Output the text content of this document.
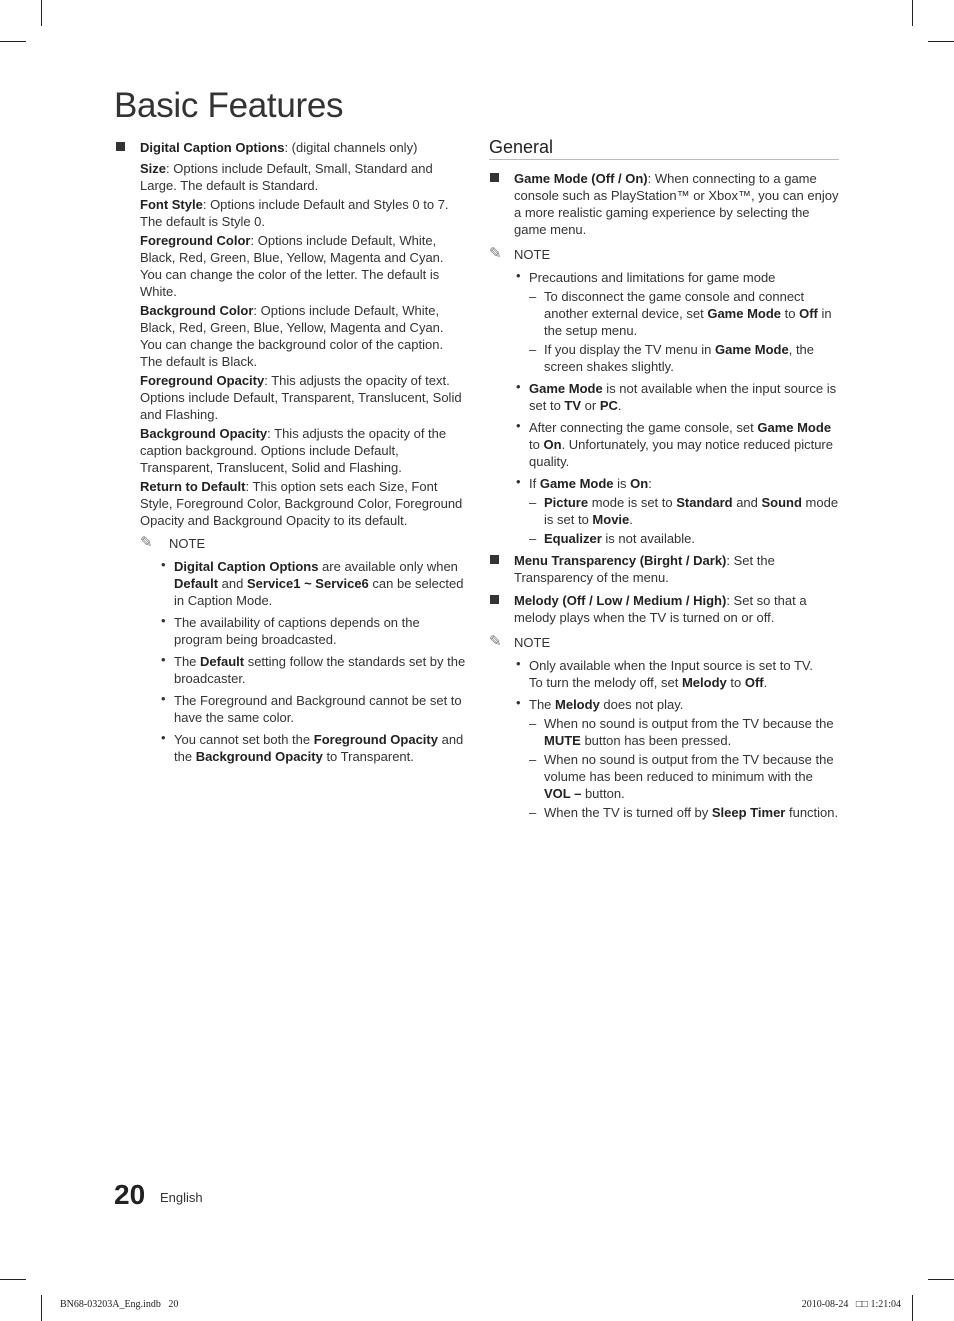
Basic Features
Digital Caption Options: (digital channels only)

Size: Options include Default, Small, Standard and Large. The default is Standard.

Font Style: Options include Default and Styles 0 to 7. The default is Style 0.

Foreground Color: Options include Default, White, Black, Red, Green, Blue, Yellow, Magenta and Cyan. You can change the color of the letter. The default is White.

Background Color: Options include Default, White, Black, Red, Green, Blue, Yellow, Magenta and Cyan. You can change the background color of the caption. The default is Black.

Foreground Opacity: This adjusts the opacity of text. Options include Default, Transparent, Translucent, Solid and Flashing.

Background Opacity: This adjusts the opacity of the caption background. Options include Default, Transparent, Translucent, Solid and Flashing.

Return to Default: This option sets each Size, Font Style, Foreground Color, Background Color, Foreground Opacity and Background Opacity to its default.

✎ NOTE
• Digital Caption Options are available only when Default and Service1 ~ Service6 can be selected in Caption Mode.
• The availability of captions depends on the program being broadcasted.
• The Default setting follow the standards set by the broadcaster.
• The Foreground and Background cannot be set to have the same color.
• You cannot set both the Foreground Opacity and the Background Opacity to Transparent.
General
Game Mode (Off / On): When connecting to a game console such as PlayStation™ or Xbox™, you can enjoy a more realistic gaming experience by selecting the game menu.
✎ NOTE
• Precautions and limitations for game mode
– To disconnect the game console and connect another external device, set Game Mode to Off in the setup menu.
– If you display the TV menu in Game Mode, the screen shakes slightly.
• Game Mode is not available when the input source is set to TV or PC.
• After connecting the game console, set Game Mode to On. Unfortunately, you may notice reduced picture quality.
• If Game Mode is On:
– Picture mode is set to Standard and Sound mode is set to Movie.
– Equalizer is not available.
Menu Transparency (Birght / Dark): Set the Transparency of the menu.
Melody (Off / Low / Medium / High): Set so that a melody plays when the TV is turned on or off.
✎ NOTE
• Only available when the Input source is set to TV.
To turn the melody off, set Melody to Off.
• The Melody does not play.
– When no sound is output from the TV because the MUTE button has been pressed.
– When no sound is output from the TV because the volume has been reduced to minimum with the VOL – button.
– When the TV is turned off by Sleep Timer function.
20 English
BN68-03203A_Eng.indb   20	2010-08-24   □□ 1:21:04
